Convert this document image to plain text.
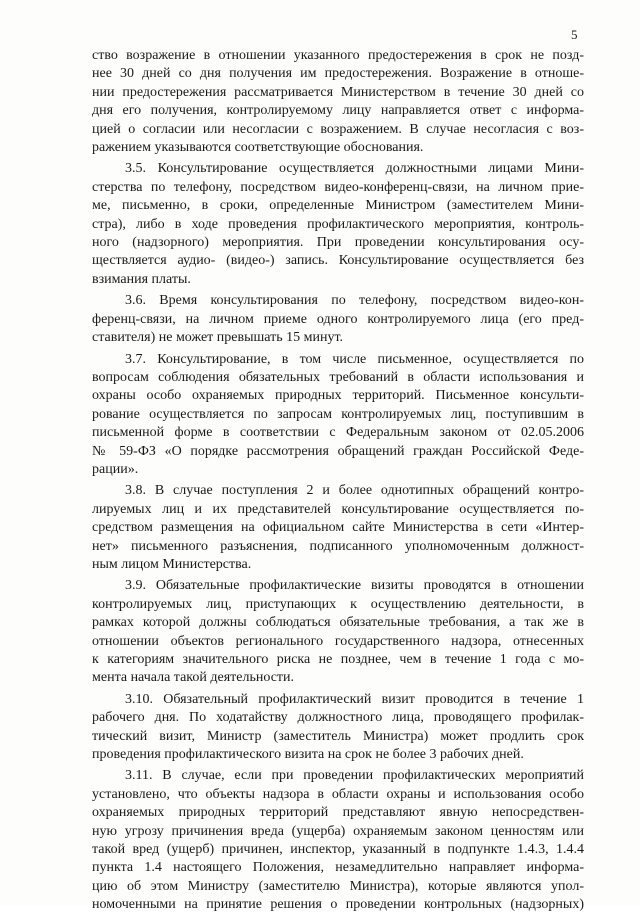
5
ство возражение в отношении указанного предостережения в срок не позд-
нее 30 дней со дня получения им предостережения. Возражение в отноше-
нии предостережения рассматривается Министерством в течение 30 дней со
дня его получения, контролируемому лицу направляется ответ с информа-
цией о согласии или несогласии с возражением. В случае несогласия с воз-
ражением указываются соответствующие обоснования.
3.5. Консультирование осуществляется должностными лицами Мини-
стерства по телефону, посредством видео-конференц-связи, на личном прие-
ме, письменно, в сроки, определенные Министром (заместителем Мини-
стра), либо в ходе проведения профилактического мероприятия, контроль-
ного (надзорного) мероприятия. При проведении консультирования осу-
ществляется аудио- (видео-) запись. Консультирование осуществляется без
взимания платы.
3.6. Время консультирования по телефону, посредством видео-кон-
ференц-связи, на личном приеме одного контролируемого лица (его пред-
ставителя) не может превышать 15 минут.
3.7. Консультирование, в том числе письменное, осуществляется по
вопросам соблюдения обязательных требований в области использования и
охраны особо охраняемых природных территорий. Письменное консульти-
рование осуществляется по запросам контролируемых лиц, поступившим в
письменной форме в соответствии с Федеральным законом от 02.05.2006
№ 59-ФЗ «О порядке рассмотрения обращений граждан Российской Феде-
рации».
3.8. В случае поступления 2 и более однотипных обращений контро-
лируемых лиц и их представителей консультирование осуществляется по-
средством размещения на официальном сайте Министерства в сети «Интер-
нет» письменного разъяснения, подписанного уполномоченным должност-
ным лицом Министерства.
3.9. Обязательные профилактические визиты проводятся в отношении
контролируемых лиц, приступающих к осуществлению деятельности, в
рамках которой должны соблюдаться обязательные требования, а так же в
отношении объектов регионального государственного надзора, отнесенных
к категориям значительного риска не позднее, чем в течение 1 года с мо-
мента начала такой деятельности.
3.10. Обязательный профилактический визит проводится в течение 1
рабочего дня. По ходатайству должностного лица, проводящего профилак-
тический визит, Министр (заместитель Министра) может продлить срок
проведения профилактического визита на срок не более 3 рабочих дней.
3.11. В случае, если при проведении профилактических мероприятий
установлено, что объекты надзора в области охраны и использования особо
охраняемых природных территорий представляют явную непосредствен-
ную угрозу причинения вреда (ущерба) охраняемым законом ценностям или
такой вред (ущерб) причинен, инспектор, указанный в подпункте 1.4.3, 1.4.4
пункта 1.4 настоящего Положения, незамедлительно направляет информа-
цию об этом Министру (заместителю Министра), которые являются упол-
номоченными на принятие решения о проведении контрольных (надзорных)
